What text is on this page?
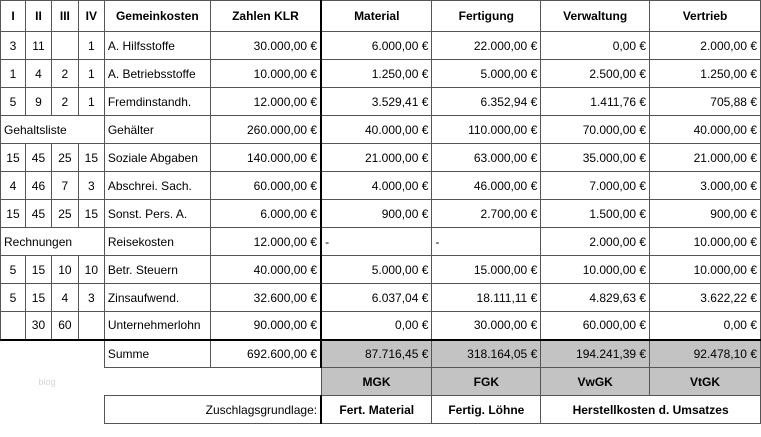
I	II	III	IV	Gemeinkosten	Zahlen KLR	Material	Fertigung	Verwaltung	Vertrieb
3	11		1	A. Hilfsstoffe	30.000,00 €	6.000,00 €	22.000,00 €	0,00 €	2.000,00 €
1	4	2	1	A. Betriebsstoffe	10.000,00 €	1.250,00 €	5.000,00 €	2.500,00 €	1.250,00 €
5	9	2	1	Fremdinstandh.	12.000,00 €	3.529,41 €	6.352,94 €	1.411,76 €	705,88 €
Gehaltsliste				Gehälter	260.000,00 €	40.000,00 €	110.000,00 €	70.000,00 €	40.000,00 €
15	45	25	15	Soziale Abgaben	140.000,00 €	21.000,00 €	63.000,00 €	35.000,00 €	21.000,00 €
4	46	7	3	Abschrei. Sach.	60.000,00 €	4.000,00 €	46.000,00 €	7.000,00 €	3.000,00 €
15	45	25	15	Sonst. Pers. A.	6.000,00 €	900,00 €	2.700,00 €	1.500,00 €	900,00 €
Rechnungen				Reisekosten	12.000,00 €	-	-	2.000,00 €	10.000,00 €
5	15	10	10	Betr. Steuern	40.000,00 €	5.000,00 €	15.000,00 €	10.000,00 €	10.000,00 €
5	15	4	3	Zinsaufwend.	32.600,00 €	6.037,04 €	18.111,11 €	4.829,63 €	3.622,22 €
	30	60		Unternehmerlohn	90.000,00 €	0,00 €	30.000,00 €	60.000,00 €	0,00 €
				Summe	692.600,00 €	87.716,45 €	318.164,05 €	194.241,39 €	92.478,10 €
blog						MGK	FGK	VwGK	VtGK
				Zuschlagsgrundlage:		Fert. Material	Fertig. Löhne	Herstellkosten d. Umsatzes	
